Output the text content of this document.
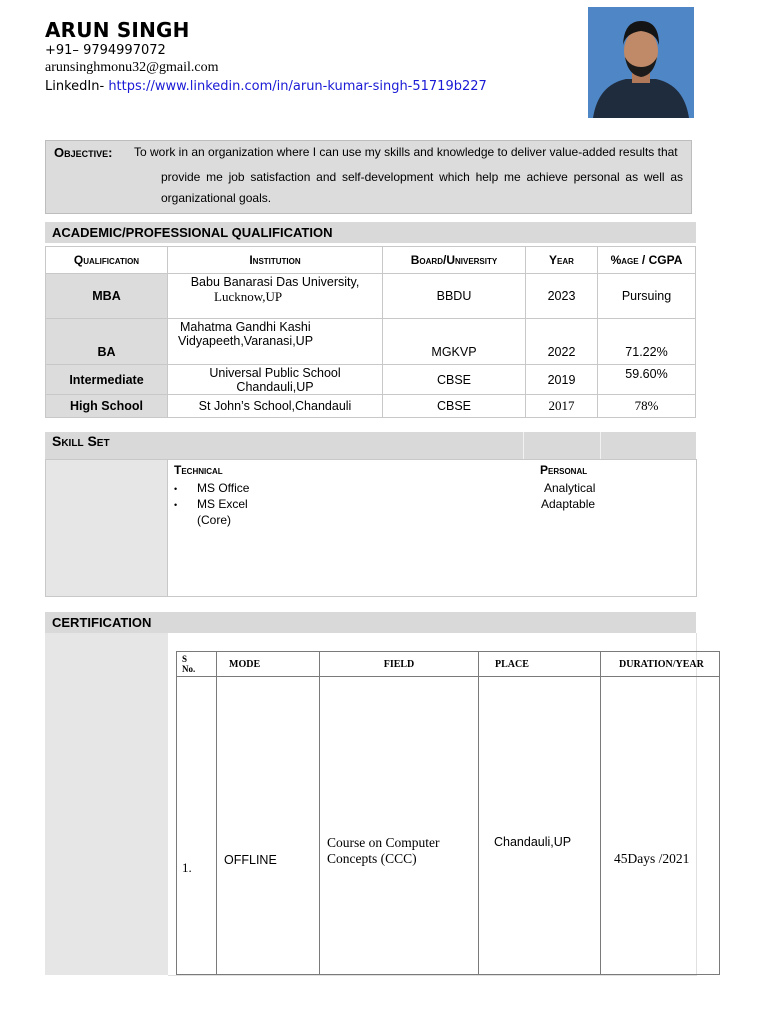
ARUN SINGH
+91– 9794997072
arunsinghmonu32@gmail.com
LinkedIn- https://www.linkedin.com/in/arun-kumar-singh-51719b227
Objective: To work in an organization where I can use my skills and knowledge to deliver value-added results that
provide me job satisfaction and self-development which help me achieve personal as well as
organizational goals.
ACADEMIC/PROFESSIONAL QUALIFICATION
Qualification	Institution	Board/University	Year	%age / CGPA
MBA	Babu Banarasi Das University,
Lucknow,UP	BBDU	2023	Pursuing
BA	Mahatma Gandhi Kashi
Vidyapeeth,Varanasi,UP	MGKVP	2022	71.22%
Intermediate	Universal Public School
Chandauli,UP	CBSE	2019	59.60%
High School	St John’s School,Chandauli	CBSE	2017	78%
Skill Set
Technical
• MS Office
• MS Excel
(Core)
Personal
Analytical
Adaptable
CERTIFICATION
S
No.	MODE	FIELD	PLACE	DURATION/YEAR
1.	OFFLINE	Course on Computer
Concepts (CCC)	Chandauli,UP	45Days /2021
